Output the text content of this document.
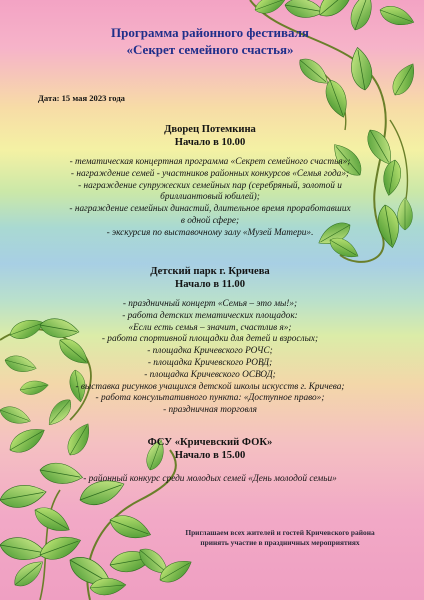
Программа районного фестиваля
«Секрет семейного счастья»
Дата: 15 мая 2023 года
Дворец Потемкина
Начало в 10.00
- тематическая концертная программа «Секрет семейного счастья»;
- награждение семей - участников районных конкурсов «Семья года»;
- награждение супружеских семейных пар (серебряный, золотой и
бриллиантовый юбилей);
- награждение семейных династий, длительное время проработавших
в одной сфере;
- экскурсия по выставочному залу «Музей Матери».
Детский парк г. Кричева
Начало в 11.00
- праздничный концерт «Семья – это мы!»;
- работа детских тематических площадок:
«Если есть семья – значит, счастлив я»;
- работа спортивной площадки для детей и взрослых;
- площадка Кричевского РОЧС;
- площадка Кричевского РОВД;
- площадка Кричевского ОСВОД;
- выставка рисунков учащихся детской школы искусств г. Кричева;
- работа консультативного пункта: «Доступное право»;
- праздничная торговля
ФСУ «Кричевский ФОК»
Начало в 15.00
- районный конкурс среди молодых семей «День молодой семьи»
Приглашаем всех жителей и гостей Кричевского района
принять участие в праздничных мероприятиях
